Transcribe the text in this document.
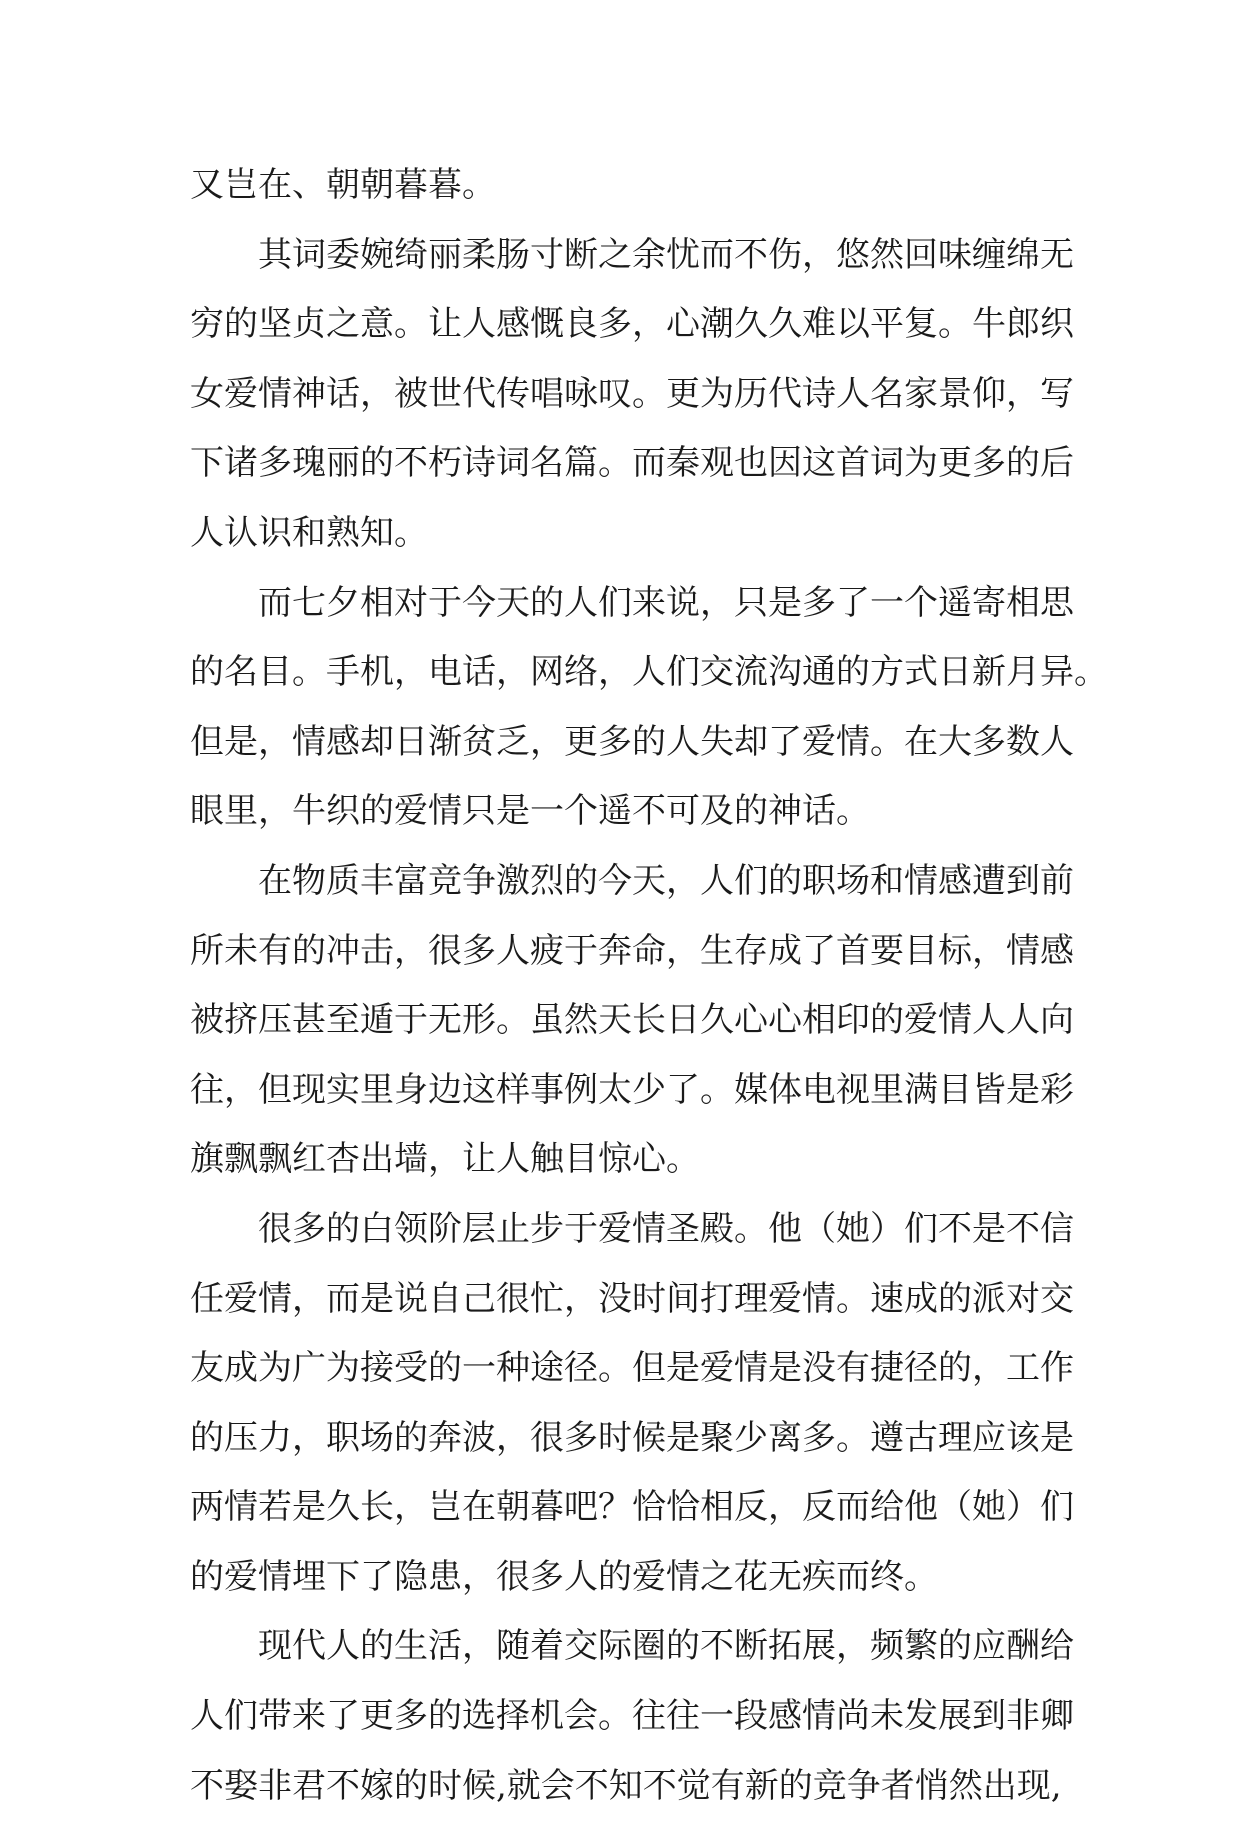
又岂在、朝朝暮暮。
其词委婉绮丽柔肠寸断之余忧而不伤，悠然回味缠绵无
穷的坚贞之意。让人感慨良多，心潮久久难以平复。牛郎织
女爱情神话，被世代传唱咏叹。更为历代诗人名家景仰，写
下诸多瑰丽的不朽诗词名篇。而秦观也因这首词为更多的后
人认识和熟知。
而七夕相对于今天的人们来说，只是多了一个遥寄相思
的名目。手机，电话，网络，人们交流沟通的方式日新月异。
但是，情感却日渐贫乏，更多的人失却了爱情。在大多数人
眼里，牛织的爱情只是一个遥不可及的神话。
在物质丰富竞争激烈的今天，人们的职场和情感遭到前
所未有的冲击，很多人疲于奔命，生存成了首要目标，情感
被挤压甚至遁于无形。虽然天长日久心心相印的爱情人人向
往，但现实里身边这样事例太少了。媒体电视里满目皆是彩
旗飘飘红杏出墙，让人触目惊心。
很多的白领阶层止步于爱情圣殿。他（她）们不是不信
任爱情，而是说自己很忙，没时间打理爱情。速成的派对交
友成为广为接受的一种途径。但是爱情是没有捷径的，工作
的压力，职场的奔波，很多时候是聚少离多。遵古理应该是
两情若是久长，岂在朝暮吧？恰恰相反，反而给他（她）们
的爱情埋下了隐患，很多人的爱情之花无疾而终。
现代人的生活，随着交际圈的不断拓展，频繁的应酬给
人们带来了更多的选择机会。往往一段感情尚未发展到非卿
不娶非君不嫁的时候,就会不知不觉有新的竞争者悄然出现,
